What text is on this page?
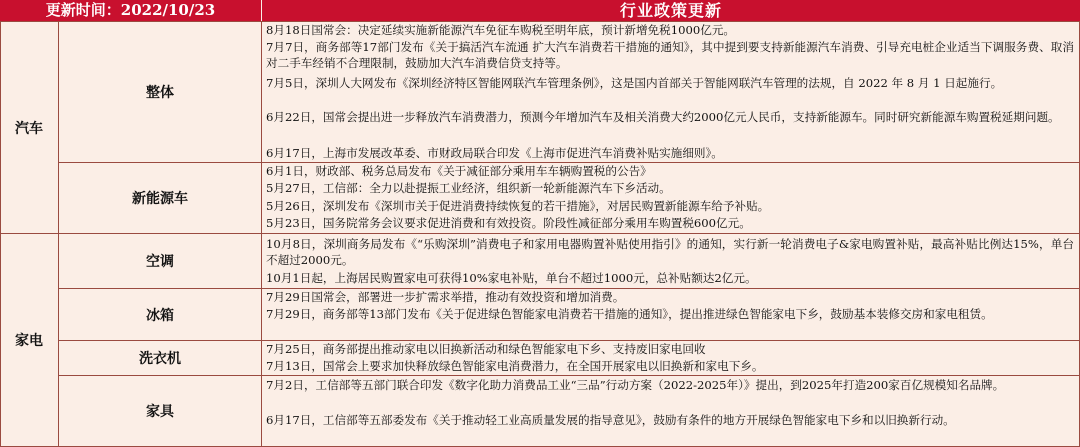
更新时间：2022/10/23	行业政策更新
汽车
家电
整体
新能源车
空调
冰箱
洗衣机
家具
8月18日国常会：决定延续实施新能源汽车免征车购税至明年底，预计新增免税1000亿元。
7月7日，商务部等17部门发布《关于搞活汽车流通 扩大汽车消费若干措施的通知》，其中提到要支持新能源汽车消费、引导充电桩企业适当下调服务费、取消对二手车经销不合理限制，鼓励加大汽车消费信贷支持等。
7月5日，深圳人大网发布《深圳经济特区智能网联汽车管理条例》，这是国内首部关于智能网联汽车管理的法规，自 2022 年 8 月 1 日起施行。
6月22日，国常会提出进一步释放汽车消费潜力，预测今年增加汽车及相关消费大约2000亿元人民币，支持新能源车。同时研究新能源车购置税延期问题。
6月17日，上海市发展改革委、市财政局联合印发《上海市促进汽车消费补贴实施细则》。
6月1日，财政部、税务总局发布《关于减征部分乘用车车辆购置税的公告》
5月27日，工信部：全力以赴提振工业经济，组织新一轮新能源汽车下乡活动。
5月26日，深圳发布《深圳市关于促进消费持续恢复的若干措施》，对居民购置新能源车给予补贴。
5月23日，国务院常务会议要求促进消费和有效投资。阶段性减征部分乘用车购置税600亿元。
10月8日，深圳商务局发布《“乐购深圳”消费电子和家用电器购置补贴使用指引》的通知，实行新一轮消费电子&家电购置补贴，最高补贴比例达15%，单台不超过2000元。
10月1日起，上海居民购置家电可获得10%家电补贴，单台不超过1000元，总补贴额达2亿元。
7月29日国常会，部署进一步扩需求举措，推动有效投资和增加消费。
7月29日，商务部等13部门发布《关于促进绿色智能家电消费若干措施的通知》，提出推进绿色智能家电下乡，鼓励基本装修交房和家电租赁。
7月25日，商务部提出推动家电以旧换新活动和绿色智能家电下乡、支持废旧家电回收
7月13日，国常会上要求加快释放绿色智能家电消费潜力，在全国开展家电以旧换新和家电下乡。
7月2日，工信部等五部门联合印发《数字化助力消费品工业“三品”行动方案（2022-2025年）》提出，到2025年打造200家百亿规模知名品牌。
6月17日，工信部等五部委发布《关于推动轻工业高质量发展的指导意见》，鼓励有条件的地方开展绿色智能家电下乡和以旧换新行动。
